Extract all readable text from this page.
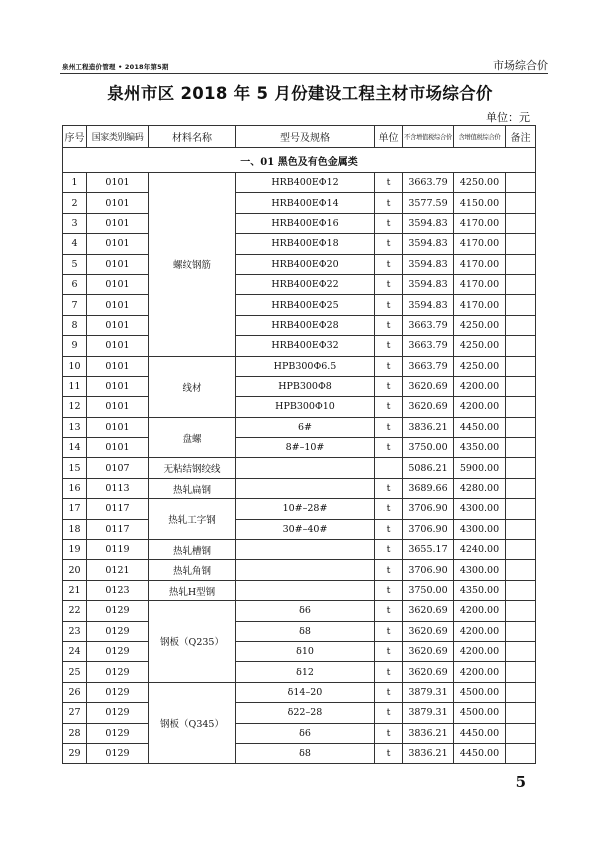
泉州工程造价管理 • 2018年第5期	市场综合价
泉州市区 2018 年 5 月份建设工程主材市场综合价
单位：元
序号	国家类别编码	材料名称	型号及规格	单位	不含增值税综合价	含增值税综合价	备注
一、01 黑色及有色金属类							
1	0101	螺纹钢筋	HRB400EΦ12	t	3663.79	4250.00	
2	0101		HRB400EΦ14	t	3577.59	4150.00	
3	0101		HRB400EΦ16	t	3594.83	4170.00	
4	0101		HRB400EΦ18	t	3594.83	4170.00	
5	0101		HRB400EΦ20	t	3594.83	4170.00	
6	0101		HRB400EΦ22	t	3594.83	4170.00	
7	0101		HRB400EΦ25	t	3594.83	4170.00	
8	0101		HRB400EΦ28	t	3663.79	4250.00	
9	0101		HRB400EΦ32	t	3663.79	4250.00	
10	0101	线材	HPB300Φ6.5	t	3663.79	4250.00	
11	0101		HPB300Φ8	t	3620.69	4200.00	
12	0101		HPB300Φ10	t	3620.69	4200.00	
13	0101	盘螺	6#	t	3836.21	4450.00	
14	0101		8#–10#	t	3750.00	4350.00	
15	0107	无粘结钢绞线			5086.21	5900.00	
16	0113	热轧扁钢		t	3689.66	4280.00	
17	0117	热轧工字钢	10#–28#	t	3706.90	4300.00	
18	0117		30#–40#	t	3706.90	4300.00	
19	0119	热轧槽钢		t	3655.17	4240.00	
20	0121	热轧角钢		t	3706.90	4300.00	
21	0123	热轧H型钢		t	3750.00	4350.00	
22	0129	钢板（Q235）	δ6	t	3620.69	4200.00	
23	0129		δ8	t	3620.69	4200.00	
24	0129		δ10	t	3620.69	4200.00	
25	0129		δ12	t	3620.69	4200.00	
26	0129	钢板（Q345）	δ14–20	t	3879.31	4500.00	
27	0129		δ22–28	t	3879.31	4500.00	
28	0129		δ6	t	3836.21	4450.00	
29	0129		δ8	t	3836.21	4450.00	
5
